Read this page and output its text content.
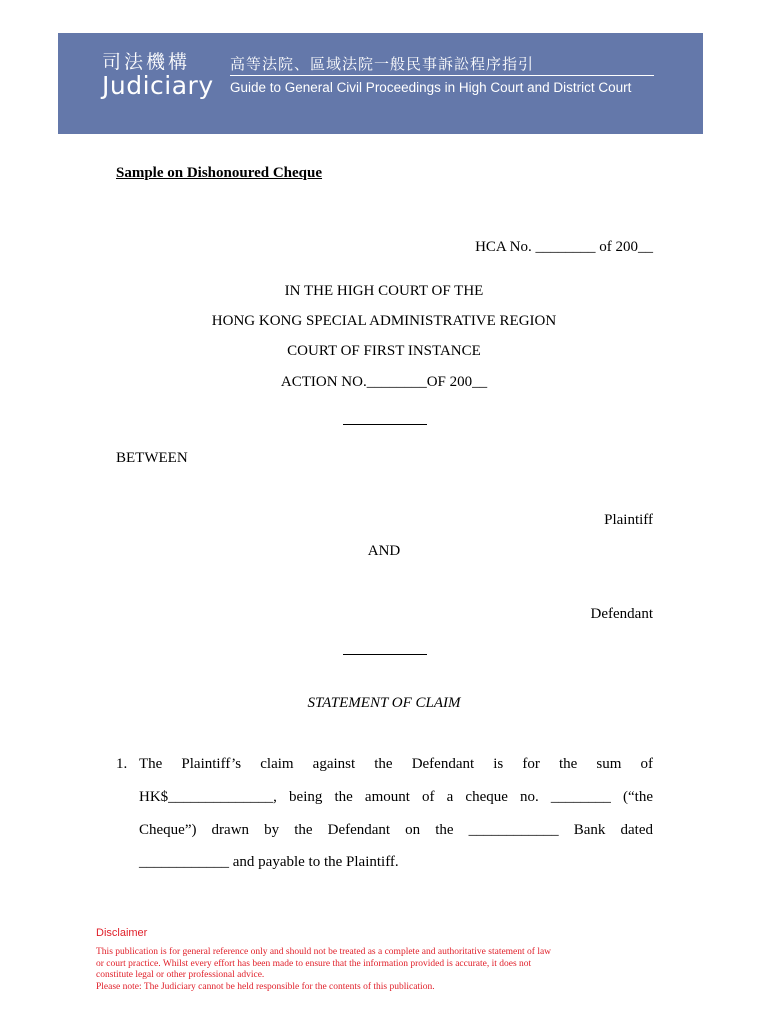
司法機構
Judiciary
高等法院、區域法院一般民事訴訟程序指引
Guide to General Civil Proceedings in High Court and District Court
Sample on Dishonoured Cheque
HCA No. ________ of 200__
IN THE HIGH COURT OF THE
HONG KONG SPECIAL ADMINISTRATIVE REGION
COURT OF FIRST INSTANCE
ACTION NO.________OF 200__
BETWEEN
Plaintiff
AND
Defendant
STATEMENT OF CLAIM
1. The Plaintiff’s claim against the Defendant is for the sum of
HK$______________, being the amount of a cheque no. ________ (“the
Cheque”) drawn by the Defendant on the ____________ Bank dated
____________ and payable to the Plaintiff.
Disclaimer
This publication is for general reference only and should not be treated as a complete and authoritative statement of law
or court practice. Whilst every effort has been made to ensure that the information provided is accurate, it does not
constitute legal or other professional advice.
Please note: The Judiciary cannot be held responsible for the contents of this publication.
